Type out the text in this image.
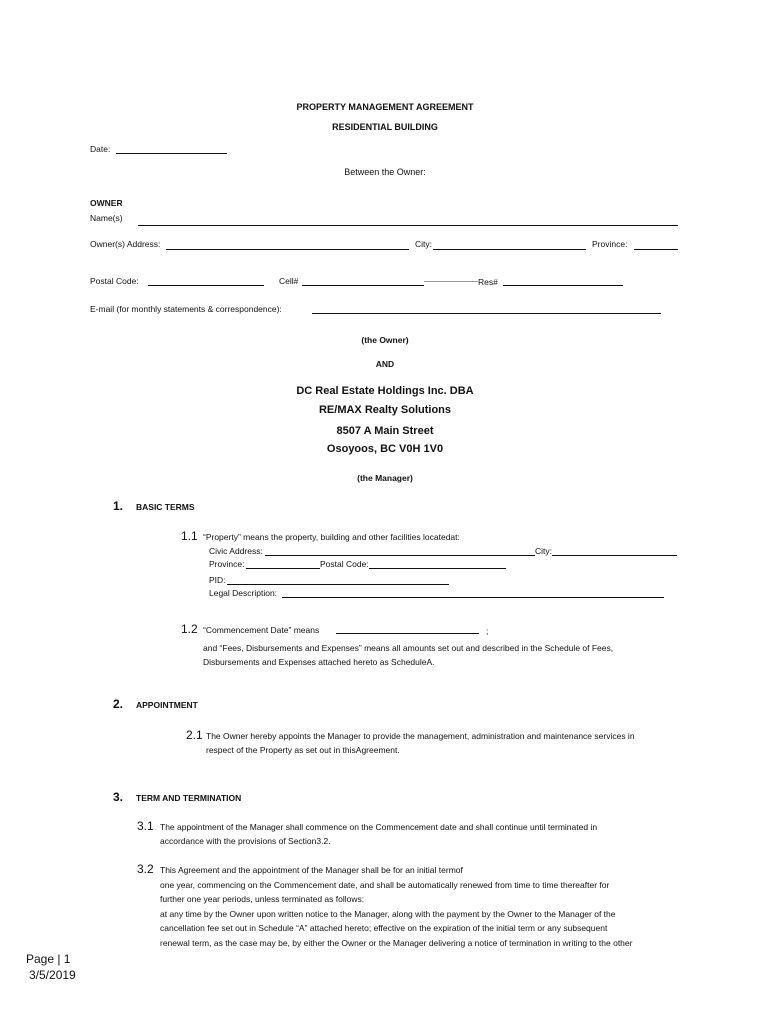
PROPERTY MANAGEMENT AGREEMENT
RESIDENTIAL BUILDING
Date:
Between the Owner:
OWNER
Name(s)
Owner(s) Address:	City:	Province:
Postal Code:	Cell#	Res#
E-mail (for monthly statements & correspondence):
(the Owner)
AND
DC Real Estate Holdings Inc. DBA
RE/MAX Realty Solutions
8507 A Main Street
Osoyoos, BC V0H 1V0
(the Manager)
1. BASIC TERMS
1.1 “Property” means the property, building and other facilities locatedat:
Civic Address:	City:
Province:	Postal Code:
PID:
Legal Description:
1.2 “Commencement Date” means	;
and “Fees, Disbursements and Expenses” means all amounts set out and described in the Schedule of Fees,
Disbursements and Expenses attached hereto as ScheduleA.
2. APPOINTMENT
2.1 The Owner hereby appoints the Manager to provide the management, administration and maintenance services in
respect of the Property as set out in thisAgreement.
3. TERM AND TERMINATION
3.1 The appointment of the Manager shall commence on the Commencement date and shall continue until terminated in
accordance with the provisions of Section3.2.
3.2 This Agreement and the appointment of the Manager shall be for an initial termof
one year, commencing on the Commencement date, and shall be automatically renewed from time to time thereafter for
further one year periods, unless terminated as follows:
at any time by the Owner upon written notice to the Manager, along with the payment by the Owner to the Manager of the
cancellation fee set out in Schedule “A” attached hereto; effective on the expiration of the initial term or any subsequent
renewal term, as the case may be, by either the Owner or the Manager delivering a notice of termination in writing to the other
Page | 1
3/5/2019
